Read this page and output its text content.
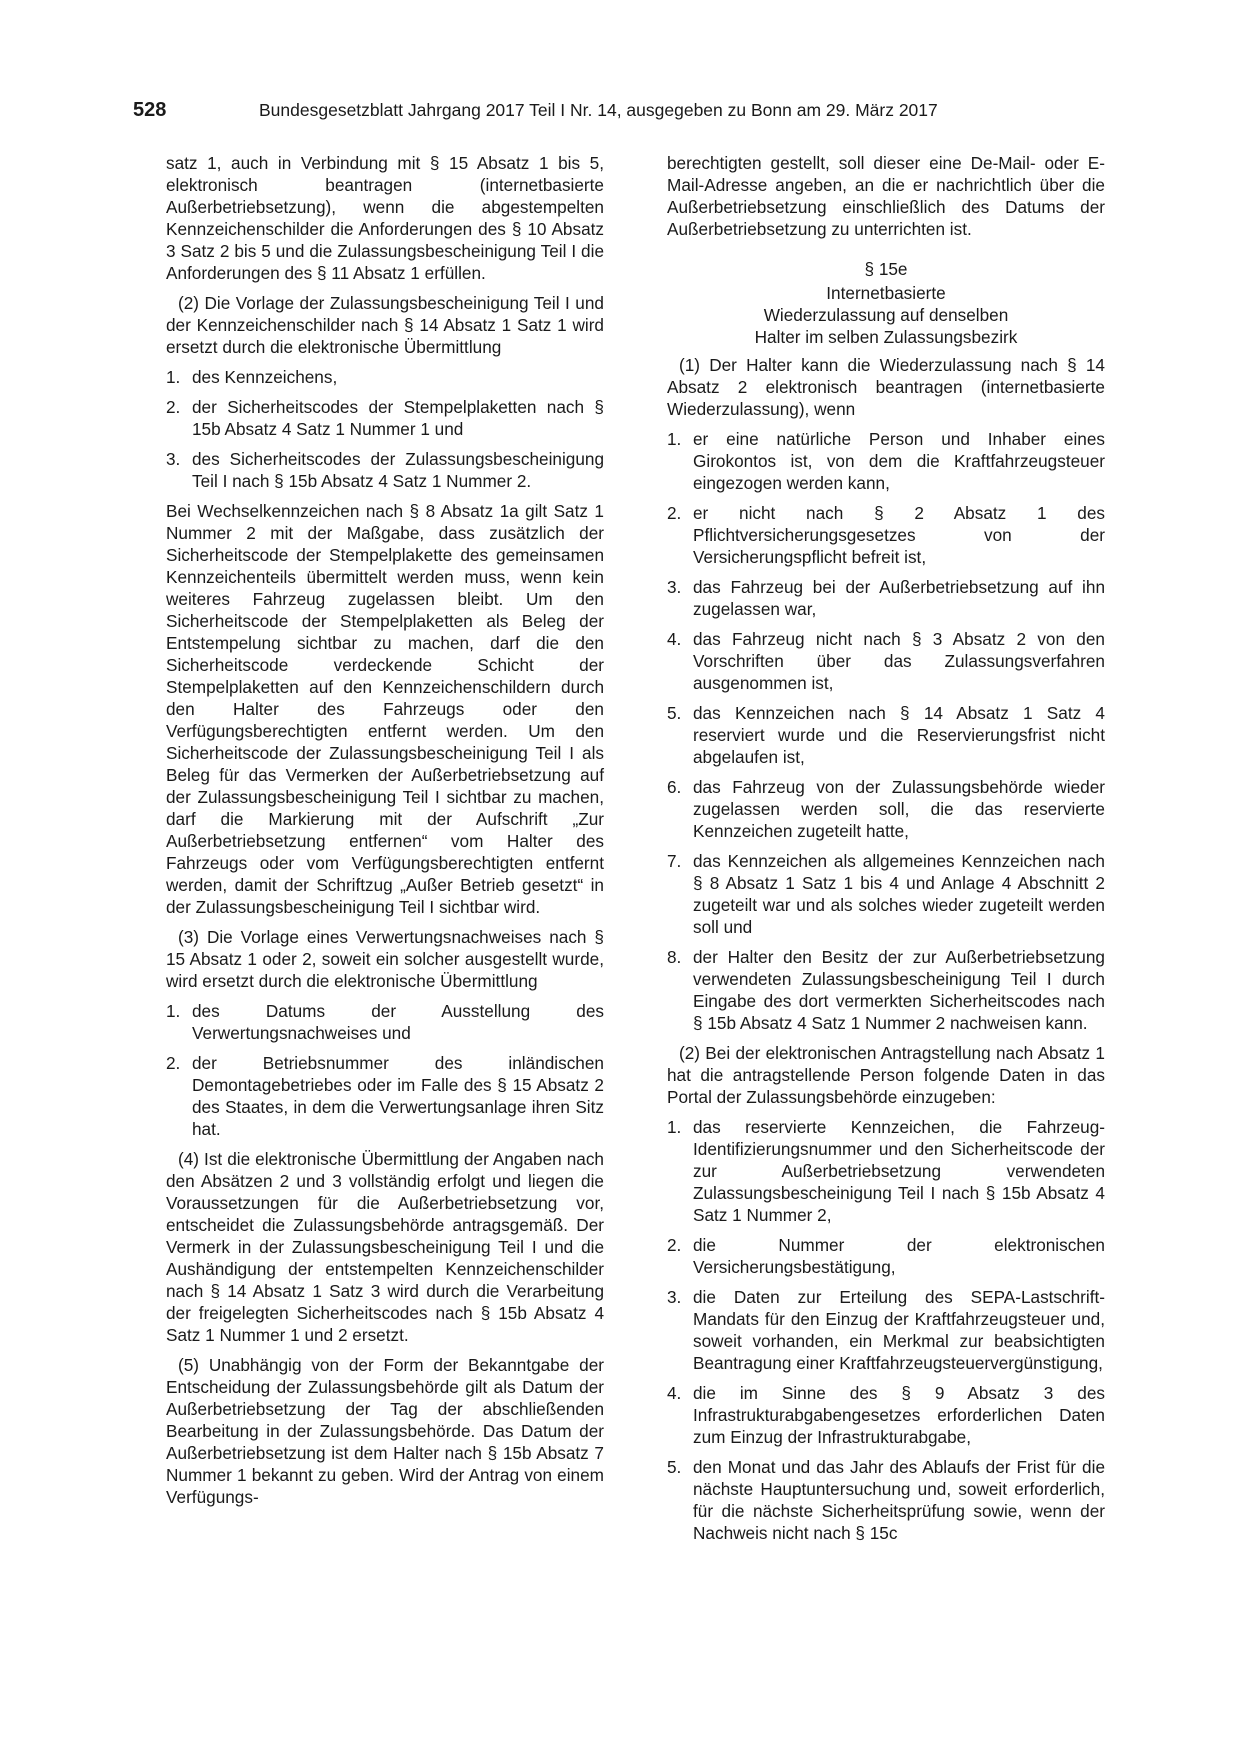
528	Bundesgesetzblatt Jahrgang 2017 Teil I Nr. 14, ausgegeben zu Bonn am 29. März 2017

satz 1, auch in Verbindung mit § 15 Absatz 1 bis 5, elektronisch beantragen (internetbasierte Außerbetriebsetzung), wenn die abgestempelten Kennzeichenschilder die Anforderungen des § 10 Absatz 3 Satz 2 bis 5 und die Zulassungsbescheinigung Teil I die Anforderungen des § 11 Absatz 1 erfüllen.

(2) Die Vorlage der Zulassungsbescheinigung Teil I und der Kennzeichenschilder nach § 14 Absatz 1 Satz 1 wird ersetzt durch die elektronische Übermittlung

1. des Kennzeichens,
2. der Sicherheitscodes der Stempelplaketten nach § 15b Absatz 4 Satz 1 Nummer 1 und
3. des Sicherheitscodes der Zulassungsbescheinigung Teil I nach § 15b Absatz 4 Satz 1 Nummer 2.

Bei Wechselkennzeichen nach § 8 Absatz 1a gilt Satz 1 Nummer 2 mit der Maßgabe, dass zusätzlich der Sicherheitscode der Stempelplakette des gemeinsamen Kennzeichenteils übermittelt werden muss, wenn kein weiteres Fahrzeug zugelassen bleibt. Um den Sicherheitscode der Stempelplaketten als Beleg der Entstempelung sichtbar zu machen, darf die den Sicherheitscode verdeckende Schicht der Stempelplaketten auf den Kennzeichenschildern durch den Halter des Fahrzeugs oder den Verfügungsberechtigten entfernt werden. Um den Sicherheitscode der Zulassungsbescheinigung Teil I als Beleg für das Vermerken der Außerbetriebsetzung auf der Zulassungsbescheinigung Teil I sichtbar zu machen, darf die Markierung mit der Aufschrift „Zur Außerbetriebsetzung entfernen“ vom Halter des Fahrzeugs oder vom Verfügungsberechtigten entfernt werden, damit der Schriftzug „Außer Betrieb gesetzt“ in der Zulassungsbescheinigung Teil I sichtbar wird.

(3) Die Vorlage eines Verwertungsnachweises nach § 15 Absatz 1 oder 2, soweit ein solcher ausgestellt wurde, wird ersetzt durch die elektronische Übermittlung

1. des Datums der Ausstellung des Verwertungsnachweises und
2. der Betriebsnummer des inländischen Demontagebetriebes oder im Falle des § 15 Absatz 2 des Staates, in dem die Verwertungsanlage ihren Sitz hat.

(4) Ist die elektronische Übermittlung der Angaben nach den Absätzen 2 und 3 vollständig erfolgt und liegen die Voraussetzungen für die Außerbetriebsetzung vor, entscheidet die Zulassungsbehörde antragsgemäß. Der Vermerk in der Zulassungsbescheinigung Teil I und die Aushändigung der entstempelten Kennzeichenschilder nach § 14 Absatz 1 Satz 3 wird durch die Verarbeitung der freigelegten Sicherheitscodes nach § 15b Absatz 4 Satz 1 Nummer 1 und 2 ersetzt.

(5) Unabhängig von der Form der Bekanntgabe der Entscheidung der Zulassungsbehörde gilt als Datum der Außerbetriebsetzung der Tag der abschließenden Bearbeitung in der Zulassungsbehörde. Das Datum der Außerbetriebsetzung ist dem Halter nach § 15b Absatz 7 Nummer 1 bekannt zu geben. Wird der Antrag von einem Verfügungs-

berechtigten gestellt, soll dieser eine De-Mail- oder E-Mail-Adresse angeben, an die er nachrichtlich über die Außerbetriebsetzung einschließlich des Datums der Außerbetriebsetzung zu unterrichten ist.

§ 15e
Internetbasierte
Wiederzulassung auf denselben
Halter im selben Zulassungsbezirk

(1) Der Halter kann die Wiederzulassung nach § 14 Absatz 2 elektronisch beantragen (internetbasierte Wiederzulassung), wenn

1. er eine natürliche Person und Inhaber eines Girokontos ist, von dem die Kraftfahrzeugsteuer eingezogen werden kann,
2. er nicht nach § 2 Absatz 1 des Pflichtversicherungsgesetzes von der Versicherungspflicht befreit ist,
3. das Fahrzeug bei der Außerbetriebsetzung auf ihn zugelassen war,
4. das Fahrzeug nicht nach § 3 Absatz 2 von den Vorschriften über das Zulassungsverfahren ausgenommen ist,
5. das Kennzeichen nach § 14 Absatz 1 Satz 4 reserviert wurde und die Reservierungsfrist nicht abgelaufen ist,
6. das Fahrzeug von der Zulassungsbehörde wieder zugelassen werden soll, die das reservierte Kennzeichen zugeteilt hatte,
7. das Kennzeichen als allgemeines Kennzeichen nach § 8 Absatz 1 Satz 1 bis 4 und Anlage 4 Abschnitt 2 zugeteilt war und als solches wieder zugeteilt werden soll und
8. der Halter den Besitz der zur Außerbetriebsetzung verwendeten Zulassungsbescheinigung Teil I durch Eingabe des dort vermerkten Sicherheitscodes nach § 15b Absatz 4 Satz 1 Nummer 2 nachweisen kann.

(2) Bei der elektronischen Antragstellung nach Absatz 1 hat die antragstellende Person folgende Daten in das Portal der Zulassungsbehörde einzugeben:

1. das reservierte Kennzeichen, die Fahrzeug-Identifizierungsnummer und den Sicherheitscode der zur Außerbetriebsetzung verwendeten Zulassungsbescheinigung Teil I nach § 15b Absatz 4 Satz 1 Nummer 2,
2. die Nummer der elektronischen Versicherungsbestätigung,
3. die Daten zur Erteilung des SEPA-Lastschrift-Mandats für den Einzug der Kraftfahrzeugsteuer und, soweit vorhanden, ein Merkmal zur beabsichtigten Beantragung einer Kraftfahrzeugsteuervergünstigung,
4. die im Sinne des § 9 Absatz 3 des Infrastrukturabgabengesetzes erforderlichen Daten zum Einzug der Infrastrukturabgabe,
5. den Monat und das Jahr des Ablaufs der Frist für die nächste Hauptuntersuchung und, soweit erforderlich, für die nächste Sicherheitsprüfung sowie, wenn der Nachweis nicht nach § 15c
